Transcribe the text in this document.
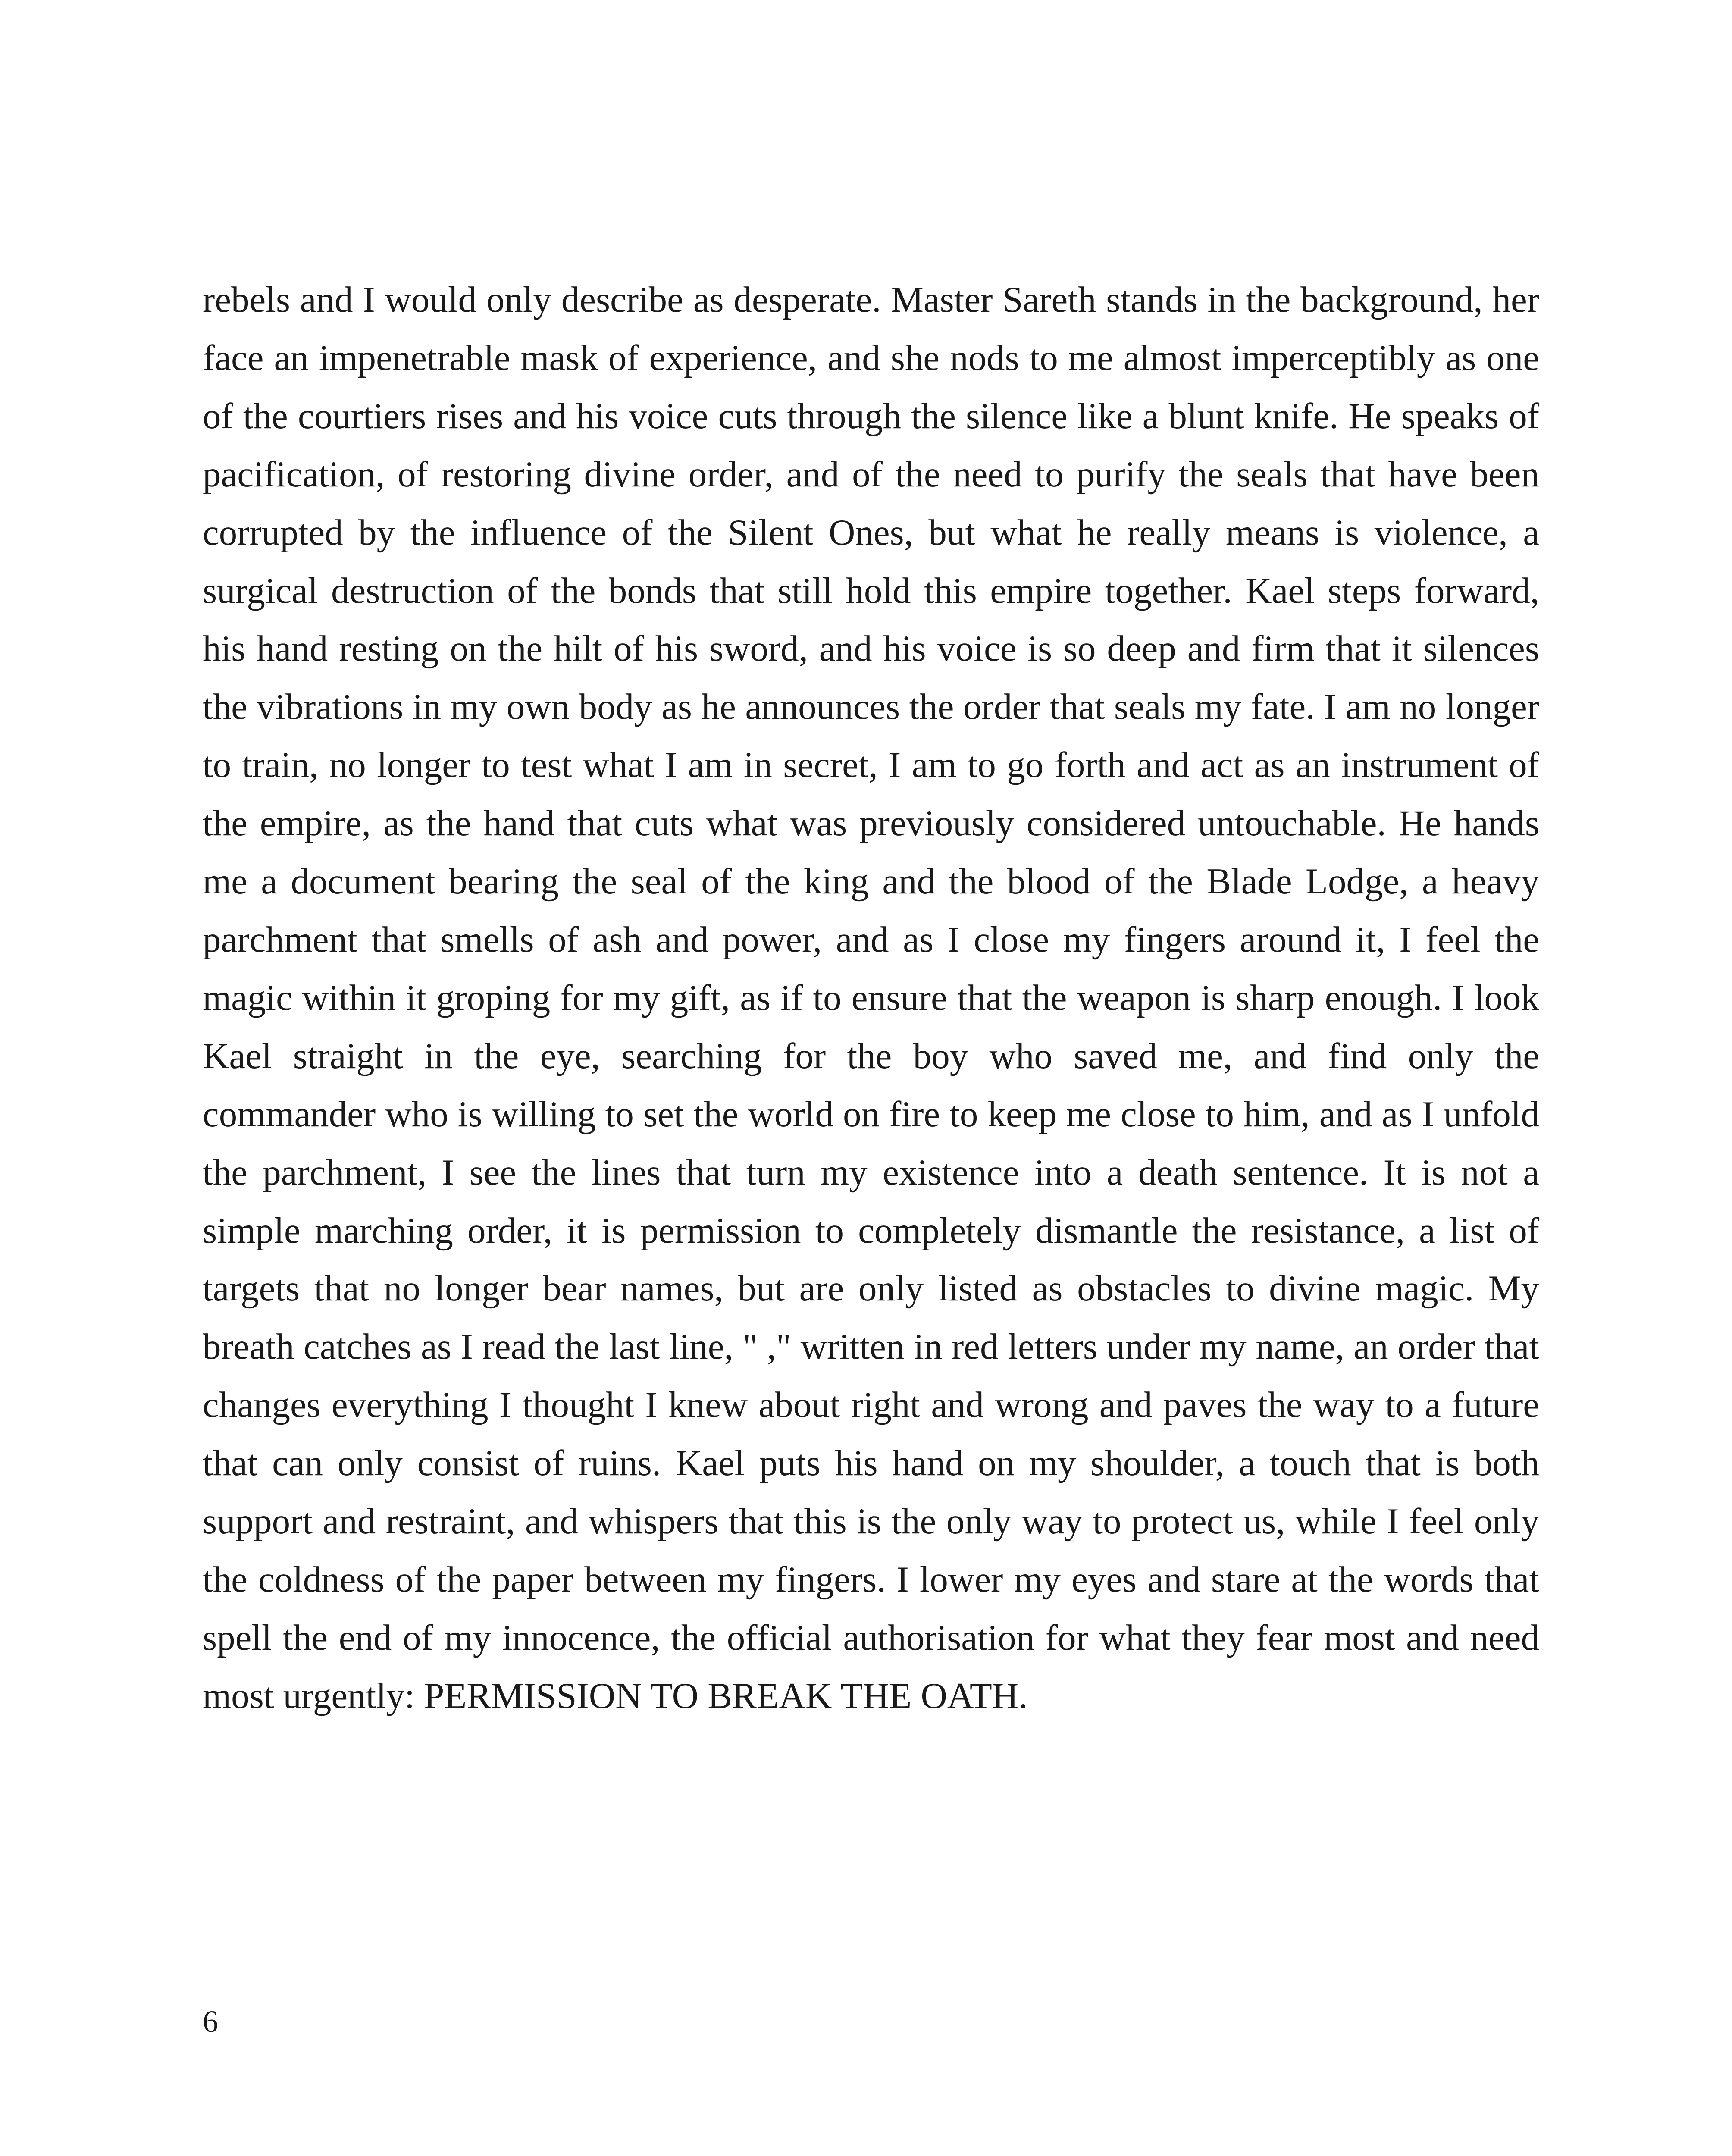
rebels and I would only describe as desperate. Master Sareth stands in the background, her face an impenetrable mask of experience, and she nods to me almost imperceptibly as one of the courtiers rises and his voice cuts through the silence like a blunt knife. He speaks of pacification, of restoring divine order, and of the need to purify the seals that have been corrupted by the influence of the Silent Ones, but what he really means is violence, a surgical destruction of the bonds that still hold this empire together. Kael steps forward, his hand resting on the hilt of his sword, and his voice is so deep and firm that it silences the vibrations in my own body as he announces the order that seals my fate. I am no longer to train, no longer to test what I am in secret, I am to go forth and act as an instrument of the empire, as the hand that cuts what was previously considered untouchable. He hands me a document bearing the seal of the king and the blood of the Blade Lodge, a heavy parchment that smells of ash and power, and as I close my fingers around it, I feel the magic within it groping for my gift, as if to ensure that the weapon is sharp enough. I look Kael straight in the eye, searching for the boy who saved me, and find only the commander who is willing to set the world on fire to keep me close to him, and as I unfold the parchment, I see the lines that turn my existence into a death sentence. It is not a simple marching order, it is permission to completely dismantle the resistance, a list of targets that no longer bear names, but are only listed as obstacles to divine magic. My breath catches as I read the last line, " ," written in red letters under my name, an order that changes everything I thought I knew about right and wrong and paves the way to a future that can only consist of ruins. Kael puts his hand on my shoulder, a touch that is both support and restraint, and whispers that this is the only way to protect us, while I feel only the coldness of the paper between my fingers. I lower my eyes and stare at the words that spell the end of my innocence, the official authorisation for what they fear most and need most urgently: PERMISSION TO BREAK THE OATH.

6
